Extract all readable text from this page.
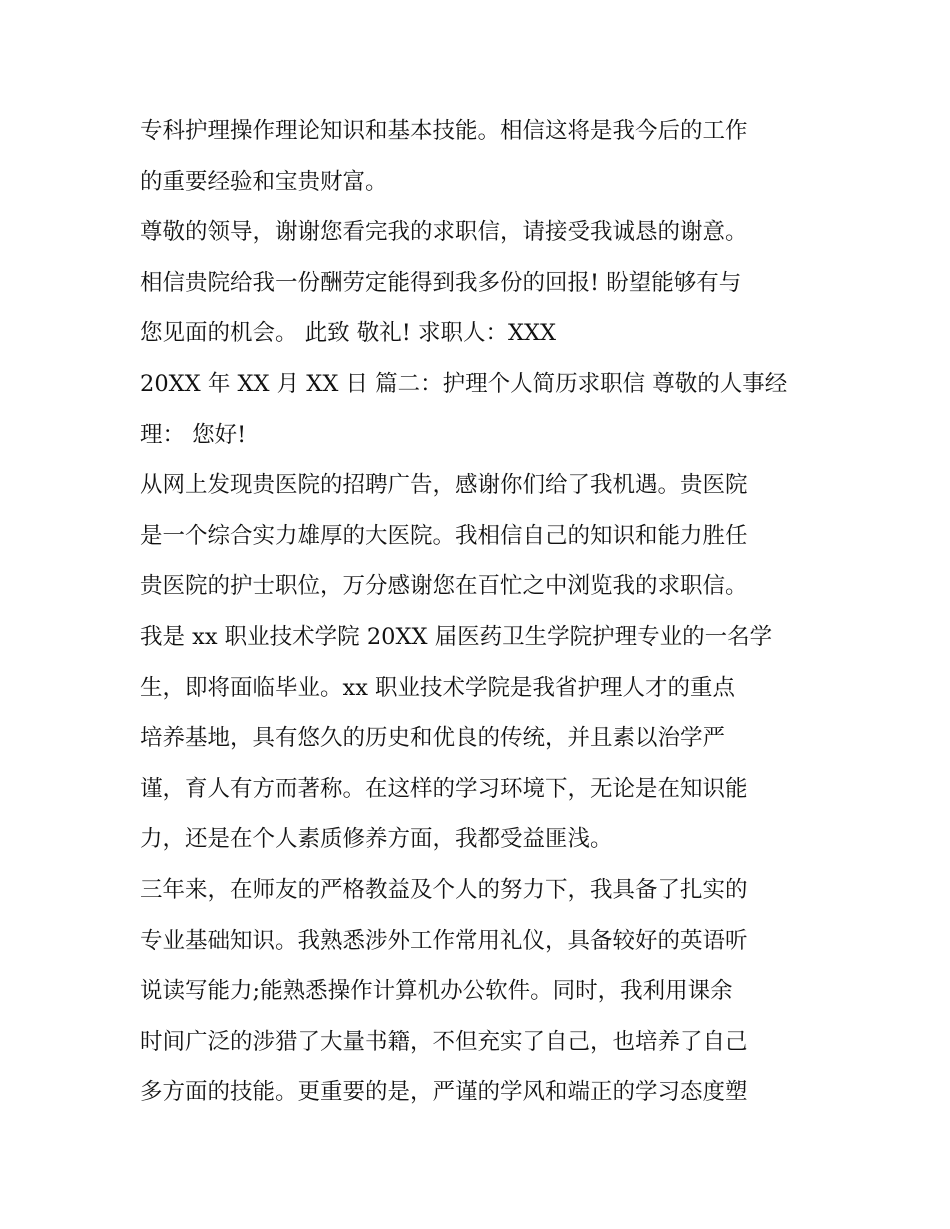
专科护理操作理论知识和基本技能。相信这将是我今后的工作
的重要经验和宝贵财富。
尊敬的领导，谢谢您看完我的求职信，请接受我诚恳的谢意。
相信贵院给我一份酬劳定能得到我多份的回报! 盼望能够有与
您见面的机会。 此致 敬礼! 求职人：XXX
20XX 年 XX 月 XX 日 篇二：护理个人简历求职信 尊敬的人事经
理： 您好!
从网上发现贵医院的招聘广告，感谢你们给了我机遇。贵医院
是一个综合实力雄厚的大医院。我相信自己的知识和能力胜任
贵医院的护士职位，万分感谢您在百忙之中浏览我的求职信。
我是 xx 职业技术学院 20XX 届医药卫生学院护理专业的一名学
生，即将面临毕业。xx 职业技术学院是我省护理人才的重点
培养基地，具有悠久的历史和优良的传统，并且素以治学严
谨，育人有方而著称。在这样的学习环境下，无论是在知识能
力，还是在个人素质修养方面，我都受益匪浅。
三年来，在师友的严格教益及个人的努力下，我具备了扎实的
专业基础知识。我熟悉涉外工作常用礼仪，具备较好的英语听
说读写能力;能熟悉操作计算机办公软件。同时，我利用课余
时间广泛的涉猎了大量书籍，不但充实了自己，也培养了自己
多方面的技能。更重要的是，严谨的学风和端正的学习态度塑
